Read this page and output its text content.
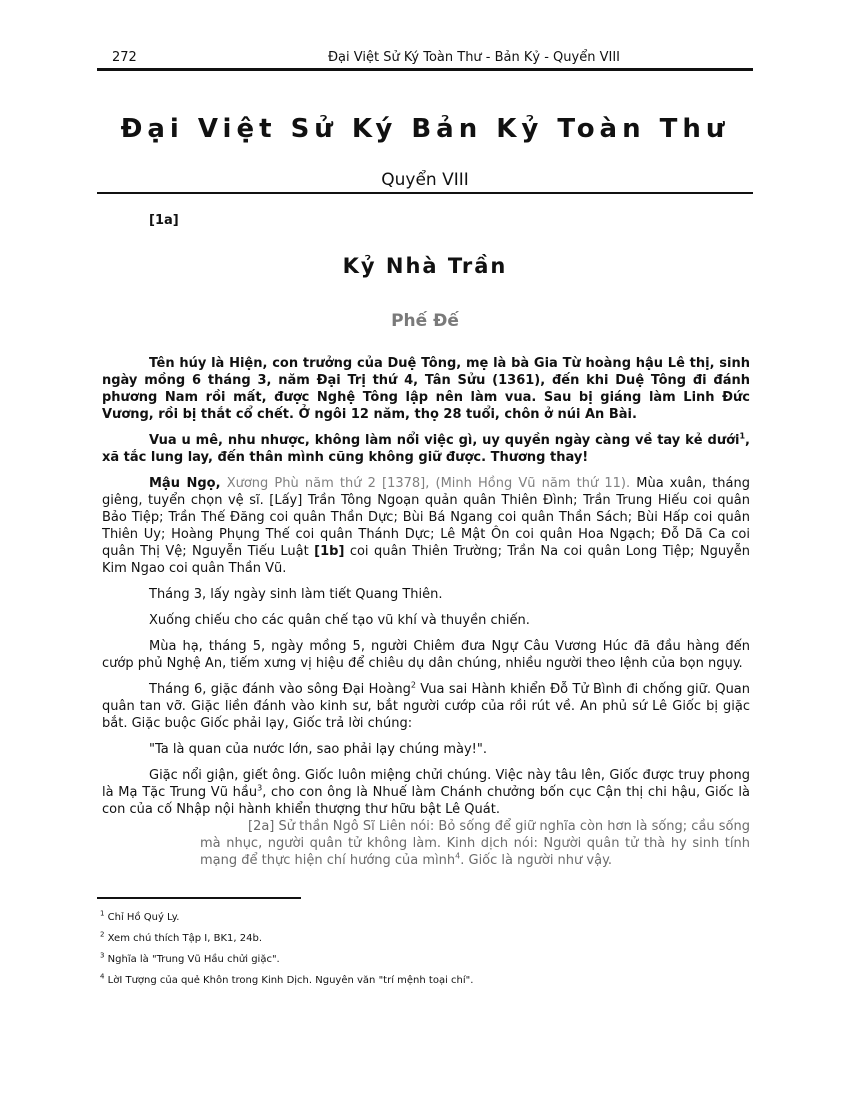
272	Đại Việt Sử Ký Toàn Thư - Bản Kỷ - Quyển VIII
Đại Việt Sử Ký Bản Kỷ Toàn Thư
Quyển VIII
[1a]
Kỷ Nhà Trần
Phế Đế

Tên húy là Hiện, con trưởng của Duệ Tông, mẹ là bà Gia Từ hoàng hậu Lê thị, sinh ngày mồng 6 tháng 3, năm Đại Trị thứ 4, Tân Sửu (1361), đến khi Duệ Tông đi đánh phương Nam rồi mất, được Nghệ Tông lập nên làm vua. Sau bị giáng làm Linh Đức Vương, rồi bị thắt cổ chết. Ở ngôi 12 năm, thọ 28 tuổi, chôn ở núi An Bài.

Vua u mê, nhu nhược, không làm nổi việc gì, uy quyền ngày càng về tay kẻ dưới$^1$, xã tắc lung lay, đến thân mình cũng không giữ được. Thương thay!

Mậu Ngọ, Xương Phù năm thứ 2 [1378], (Minh Hồng Vũ năm thứ 11). Mùa xuân, tháng giêng, tuyển chọn vệ sĩ. [Lấy] Trần Tông Ngoạn quản quân Thiên Đình; Trần Trung Hiếu coi quân Bảo Tiệp; Trần Thế Đăng coi quân Thần Dực; Bùi Bá Ngang coi quân Thần Sách; Bùi Hấp coi quân Thiên Uy; Hoàng Phụng Thế coi quân Thánh Dực; Lê Mật Ôn coi quân Hoa Ngạch; Đỗ Dã Ca coi quân Thị Vệ; Nguyễn Tiếu Luật [1b] coi quân Thiên Trường; Trần Na coi quân Long Tiệp; Nguyễn Kim Ngao coi quân Thần Vũ.

Tháng 3, lấy ngày sinh làm tiết Quang Thiên.

Xuống chiếu cho các quân chế tạo vũ khí và thuyền chiến.

Mùa hạ, tháng 5, ngày mồng 5, người Chiêm đưa Ngự Câu Vương Húc đã đầu hàng đến cướp phủ Nghệ An, tiếm xưng vị hiệu để chiêu dụ dân chúng, nhiều người theo lệnh của bọn ngụy.

Tháng 6, giặc đánh vào sông Đại Hoàng$^2$ Vua sai Hành khiển Đỗ Tử Bình đi chống giữ. Quan quân tan vỡ. Giặc liền đánh vào kinh sư, bắt người cướp của rồi rút về. An phủ sứ Lê Giốc bị giặc bắt. Giặc buộc Giốc phải lạy, Giốc trả lời chúng:

"Ta là quan của nước lớn, sao phải lạy chúng mày!".

Giặc nổi giận, giết ông. Giốc luôn miệng chửi chúng. Việc này tâu lên, Giốc được truy phong là Mạ Tặc Trung Vũ hầu$^3$, cho con ông là Nhuế làm Chánh chưởng bốn cục Cận thị chi hậu, Giốc là con của cố Nhập nội hành khiển thượng thư hữu bật Lê Quát.

[2a] Sử thần Ngô Sĩ Liên nói: Bỏ sống để giữ nghĩa còn hơn là sống; cầu sống mà nhục, người quân tử không làm. Kinh dịch nói: Người quân tử thà hy sinh tính mạng để thực hiện chí hướng của mình$^4$. Giốc là người như vậy.
$^1$ Chỉ Hồ Quý Ly.
$^2$ Xem chú thích Tập I, BK1, 24b.
$^3$ Nghĩa là "Trung Vũ Hầu chửi giặc".
$^4$ LờI Tượng của quẻ Khôn trong Kinh Dịch. Nguyên văn "trí mệnh toại chí".
